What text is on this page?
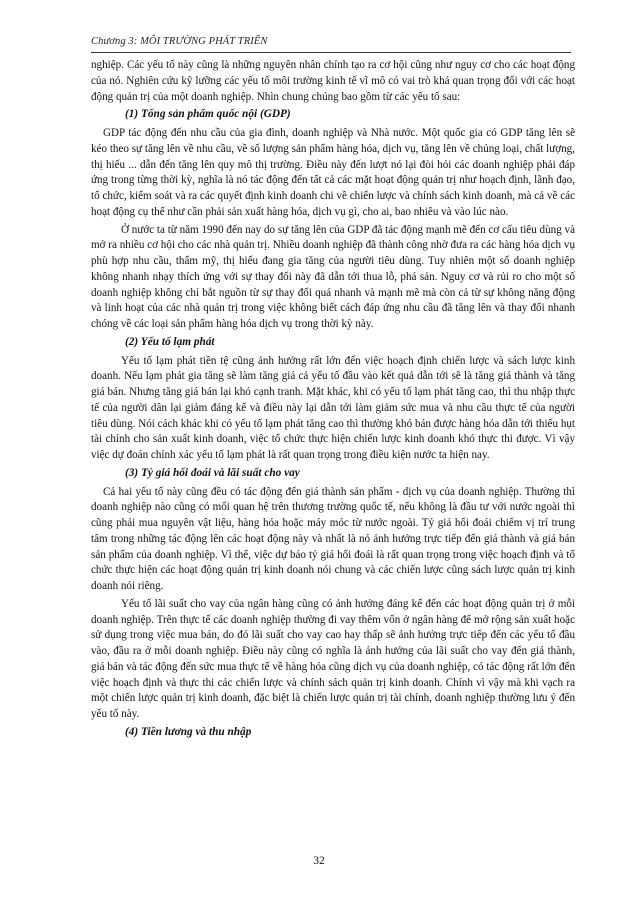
Chương 3: MÔI TRƯỜNG PHÁT TRIỂN

nghiệp. Các yếu tố này cũng là những nguyên nhân chính tạo ra cơ hội cũng như nguy cơ cho các hoạt động của nó. Nghiên cứu kỹ lưỡng các yếu tố môi trường kinh tế vĩ mô có vai trò khá quan trọng đối với các hoạt động quản trị của một doanh nghiệp. Nhìn chung chúng bao gồm từ các yếu tố sau:

(1) Tổng sản phẩm quốc nội (GDP)

GDP tác động đến nhu cầu của gia đình, doanh nghiệp và Nhà nước. Một quốc gia có GDP tăng lên sẽ kéo theo sự tăng lên về nhu cầu, về số lượng sản phẩm hàng hóa, dịch vụ, tăng lên về chủng loại, chất lượng, thị hiếu ... dẫn đến tăng lên quy mô thị trường. Điều này đến lượt nó lại đòi hỏi các doanh nghiệp phải đáp ứng trong từng thời kỳ, nghĩa là nó tác động đến tất cả các mặt hoạt động quản trị như hoạch định, lãnh đạo, tổ chức, kiểm soát và ra các quyết định kinh doanh chi về chiến lược và chính sách kinh doanh, mà cả về các hoạt động cụ thể như cần phải sản xuất hàng hóa, dịch vụ gì, cho ai, bao nhiêu và vào lúc nào.

Ở nước ta từ năm 1990 đến nay do sự tăng lên của GDP đã tác động mạnh mẽ đến cơ cấu tiêu dùng và mở ra nhiều cơ hội cho các nhà quản trị. Nhiều doanh nghiệp đã thành công nhờ đưa ra các hàng hóa dịch vụ phù hợp nhu cầu, thẩm mỹ, thị hiếu đang gia tăng của người tiêu dùng. Tuy nhiên một số doanh nghiệp không nhanh nhạy thích ứng với sự thay đổi này đã dẫn tới thua lỗ, phá sản. Nguy cơ và rủi ro cho một số doanh nghiệp không chỉ bắt nguồn từ sự thay đổi quá nhanh và mạnh mẽ mà còn cả từ sự không năng động và linh hoạt của các nhà quản trị trong việc không biết cách đáp ứng nhu cầu đã tăng lên và thay đổi nhanh chóng về các loại sản phẩm hàng hóa dịch vụ trong thời kỳ này.

(2) Yếu tố lạm phát

Yếu tố lạm phát tiền tệ cũng ảnh hưởng rất lớn đến việc hoạch định chiến lược và sách lược kinh doanh. Nếu lạm phát gia tăng sẽ làm tăng giá cả yếu tố đầu vào kết quả dẫn tới sẽ là tăng giá thành và tăng giá bán. Nhưng tăng giá bán lại khó cạnh tranh. Mặt khác, khi có yếu tố lạm phát tăng cao, thì thu nhập thực tế của người dân lại giảm đáng kể và điều này lại dẫn tới làm giảm sức mua và nhu cầu thực tế của người tiêu dùng. Nói cách khác khi có yếu tố lạm phát tăng cao thì thường khó bán được hàng hóa dẫn tới thiếu hụt tài chính cho sản xuất kinh doanh, việc tổ chức thực hiện chiến lược kinh doanh khó thực thi được. Vì vậy việc dự đoán chính xác yếu tố lạm phát là rất quan trọng trong điều kiện nước ta hiện nay.

(3) Tỷ giá hối đoái và lãi suất cho vay

Cả hai yếu tố này cũng đều có tác động đến giá thành sản phẩm - dịch vụ của doanh nghiệp. Thường thì doanh nghiệp nào cũng có mối quan hệ trên thương trường quốc tế, nếu không là đầu tư với nước ngoài thì cũng phải mua nguyên vật liệu, hàng hóa hoặc máy móc từ nước ngoài. Tỷ giá hối đoái chiếm vị trí trung tâm trong những tác động lên các hoạt động này và nhất là nó ảnh hưởng trực tiếp đến giá thành và giá bán sản phẩm của doanh nghiệp. Vì thế, việc dự báo tỷ giá hối đoái là rất quan trọng trong việc hoạch định và tổ chức thực hiện các hoạt động quản trị kinh doanh nói chung và các chiến lược cũng sách lược quản trị kinh doanh nói riêng.

Yếu tố lãi suất cho vay của ngân hàng cũng có ảnh hưởng đáng kể đến các hoạt động quản trị ở mỗi doanh nghiệp. Trên thực tế các doanh nghiệp thường đi vay thêm vốn ở ngân hàng để mở rộng sản xuất hoặc sử dụng trong việc mua bán, do đó lãi suất cho vay cao hay thấp sẽ ảnh hưởng trực tiếp đến các yếu tố đầu vào, đầu ra ở mỗi doanh nghiệp. Điều này cũng có nghĩa là ảnh hưởng của lãi suất cho vay đến giá thành, giá bán và tác động đến sức mua thực tế về hàng hóa cũng dịch vụ của doanh nghiệp, có tác động rất lớn đến việc hoạch định và thực thi các chiến lược và chính sách quản trị kinh doanh. Chính vì vậy mà khi vạch ra một chiến lược quản trị kinh doanh, đặc biệt là chiến lược quản trị tài chính, doanh nghiệp thường lưu ý đến yếu tố này.

(4) Tiền lương và thu nhập
32
